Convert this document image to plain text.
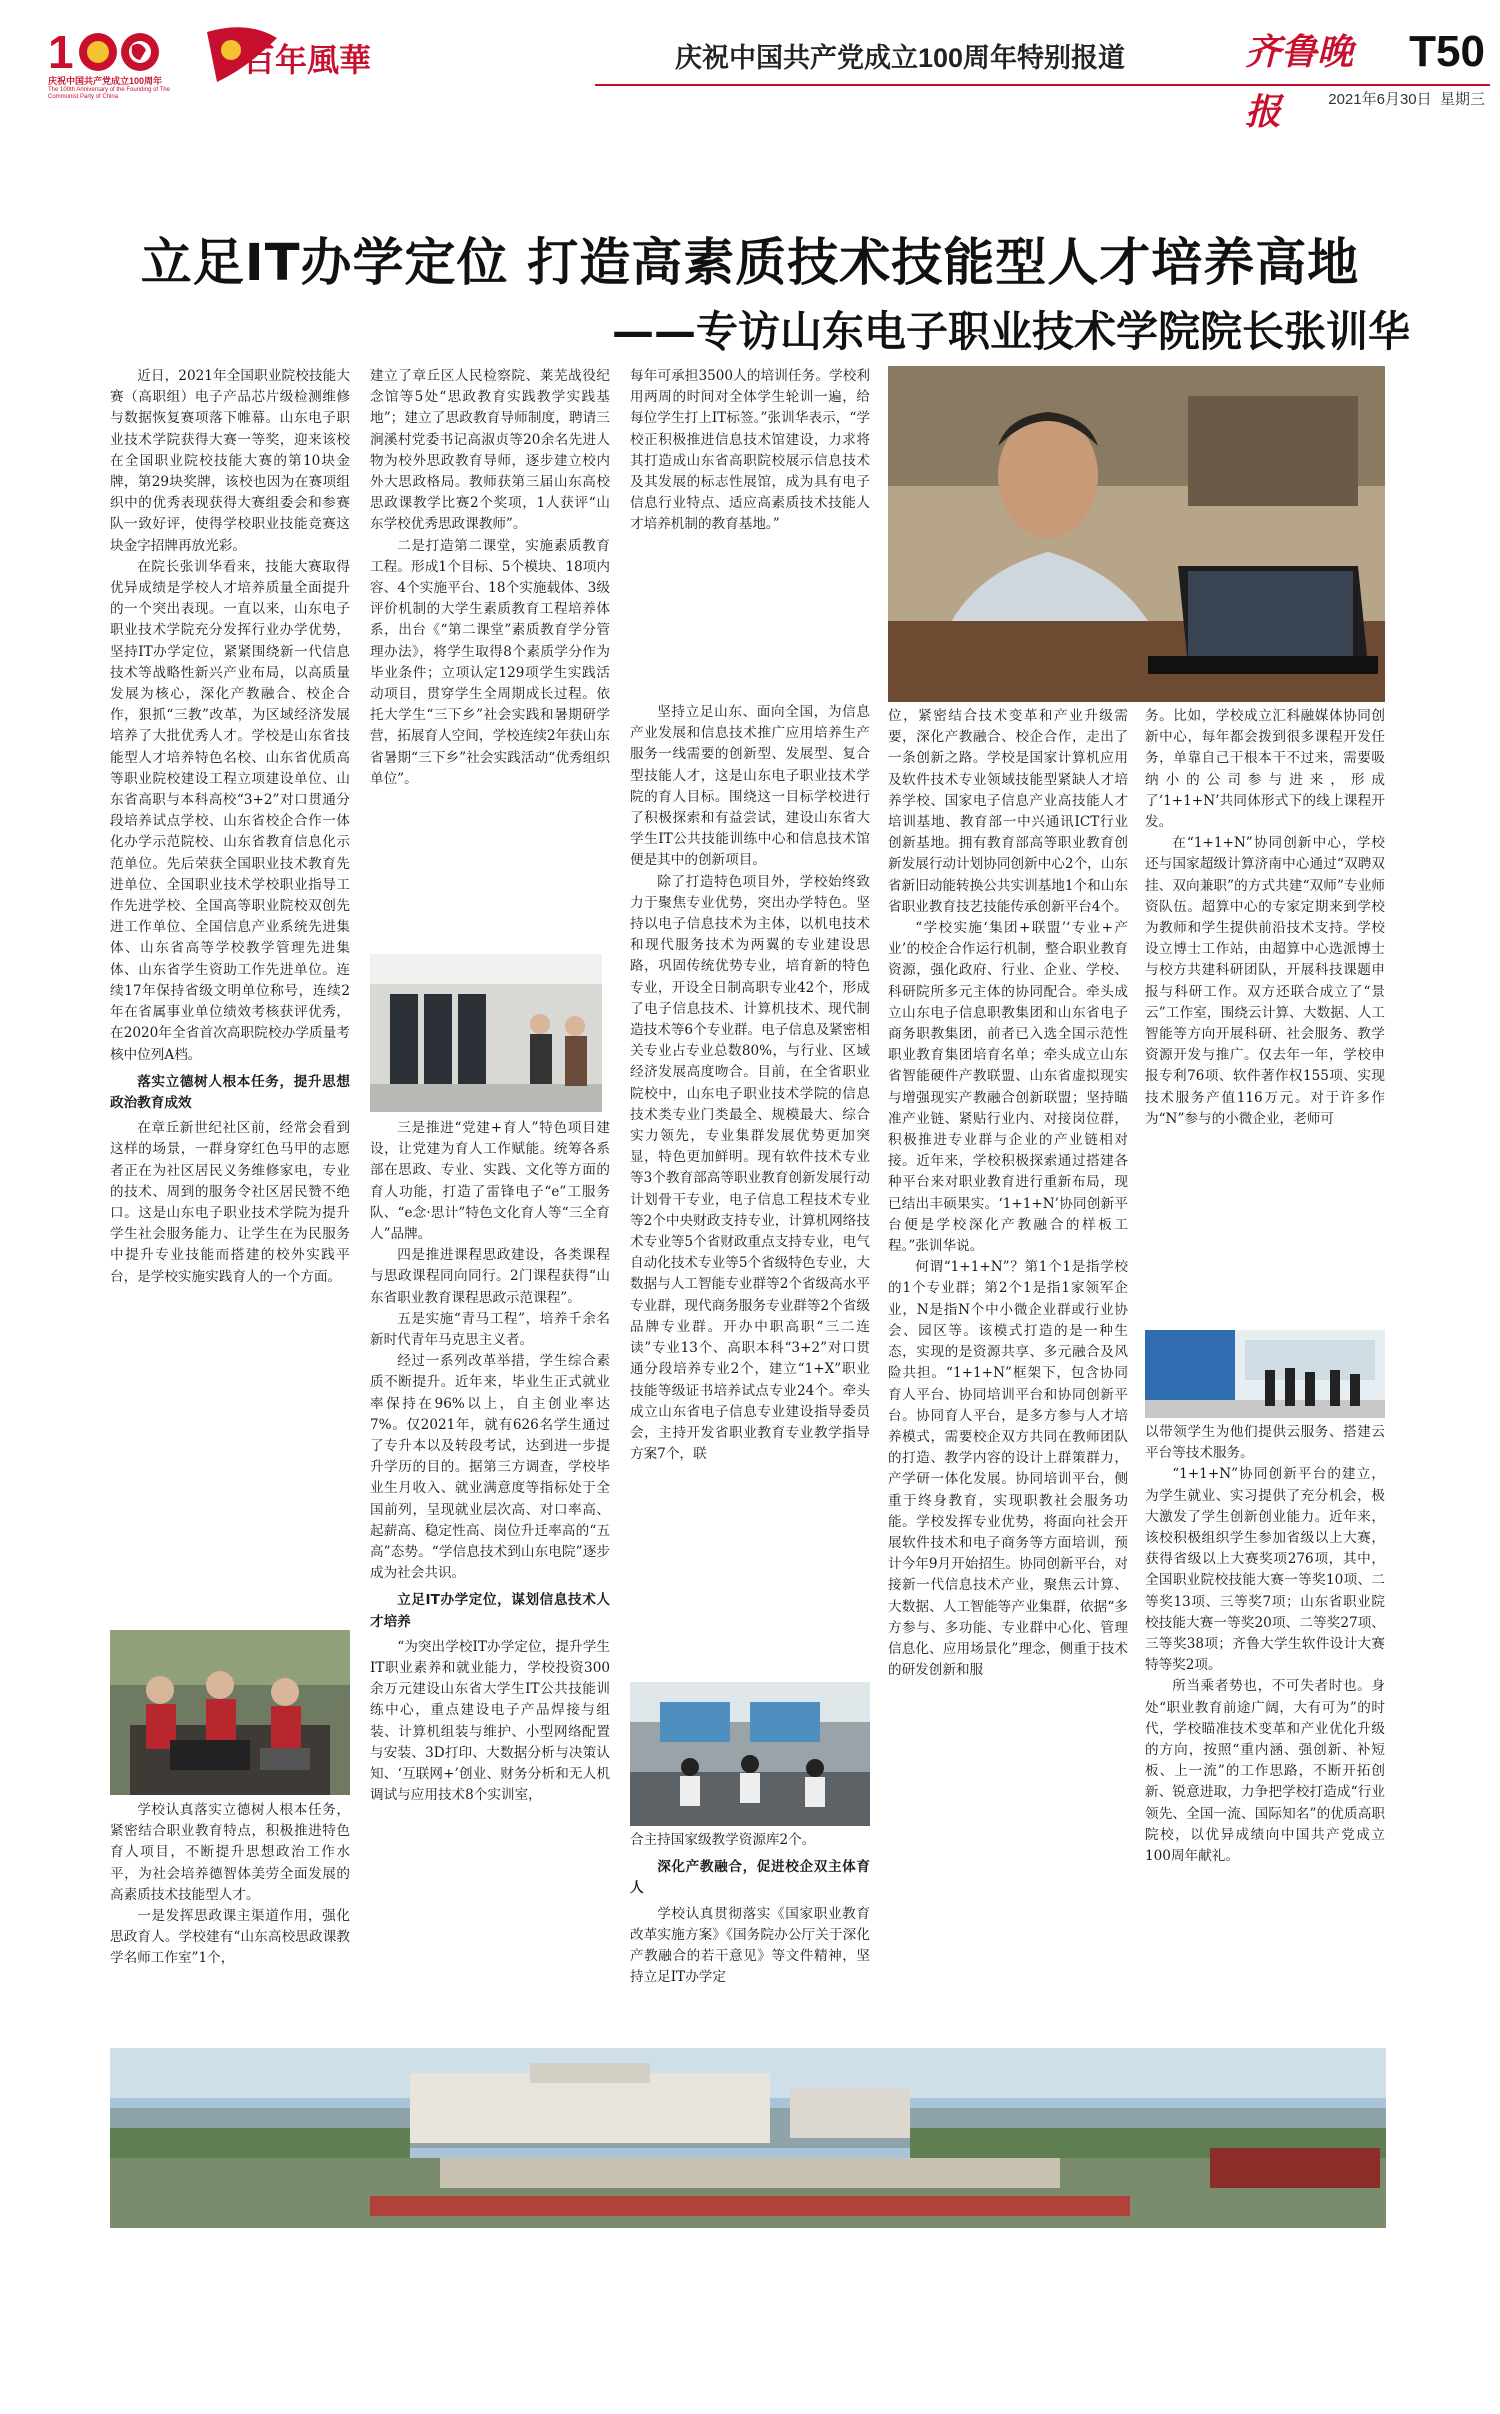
1
庆祝中国共产党成立100周年
The 100th Anniversary of the Founding of The Communist Party of China
百年風華	庆祝中国共产党成立100周年特别报道	齐鲁晚报
T50
2021年6月30日 星期三
立足IT办学定位 打造高素质技术技能型人才培养高地
——专访山东电子职业技术学院院长张训华

近日，2021年全国职业院校技能大赛（高职组）电子产品芯片级检测维修与数据恢复赛项落下帷幕。山东电子职业技术学院获得大赛一等奖，迎来该校在全国职业院校技能大赛的第10块金牌，第29块奖牌，该校也因为在赛项组织中的优秀表现获得大赛组委会和参赛队一致好评，使得学校职业技能竞赛这块金字招牌再放光彩。

在院长张训华看来，技能大赛取得优异成绩是学校人才培养质量全面提升的一个突出表现。一直以来，山东电子职业技术学院充分发挥行业办学优势，坚持IT办学定位，紧紧围绕新一代信息技术等战略性新兴产业布局，以高质量发展为核心，深化产教融合、校企合作，狠抓“三教”改革，为区域经济发展培养了大批优秀人才。学校是山东省技能型人才培养特色名校、山东省优质高等职业院校建设工程立项建设单位、山东省高职与本科高校“3+2”对口贯通分段培养试点学校、山东省校企合作一体化办学示范院校、山东省教育信息化示范单位。先后荣获全国职业技术教育先进单位、全国职业技术学校职业指导工作先进学校、全国高等职业院校双创先进工作单位、全国信息产业系统先进集体、山东省高等学校教学管理先进集体、山东省学生资助工作先进单位。连续17年保持省级文明单位称号，连续2年在省属事业单位绩效考核获评优秀，在2020年全省首次高职院校办学质量考核中位列A档。

落实立德树人根本任务，提升思想政治教育成效

在章丘新世纪社区前，经常会看到这样的场景，一群身穿红色马甲的志愿者正在为社区居民义务维修家电，专业的技术、周到的服务令社区居民赞不绝口。这是山东电子职业技术学院为提升学生社会服务能力、让学生在为民服务中提升专业技能而搭建的校外实践平台，是学校实施实践育人的一个方面。

学校认真落实立德树人根本任务，紧密结合职业教育特点，积极推进特色育人项目，不断提升思想政治工作水平，为社会培养德智体美劳全面发展的高素质技术技能型人才。

一是发挥思政课主渠道作用，强化思政育人。学校建有“山东高校思政课教学名师工作室”1个，

建立了章丘区人民检察院、莱芜战役纪念馆等5处“思政教育实践教学实践基地”；建立了思政教育导师制度，聘请三涧溪村党委书记高淑贞等20余名先进人物为校外思政教育导师，逐步建立校内外大思政格局。教师获第三届山东高校思政课教学比赛2个奖项，1人获评“山东学校优秀思政课教师”。

二是打造第二课堂，实施素质教育工程。形成1个目标、5个模块、18项内容、4个实施平台、18个实施载体、3级评价机制的大学生素质教育工程培养体系，出台《“第二课堂”素质教育学分管理办法》，将学生取得8个素质学分作为毕业条件；立项认定129项学生实践活动项目，贯穿学生全周期成长过程。依托大学生“三下乡”社会实践和暑期研学营，拓展育人空间，学校连续2年获山东省暑期“三下乡”社会实践活动“优秀组织单位”。

三是推进“党建+育人”特色项目建设，让党建为育人工作赋能。统筹各系部在思政、专业、实践、文化等方面的育人功能，打造了雷锋电子“e”工服务队、“e念·思计”特色文化育人等“三全育人”品牌。

四是推进课程思政建设，各类课程与思政课程同向同行。2门课程获得“山东省职业教育课程思政示范课程”。

五是实施“青马工程”，培养千余名新时代青年马克思主义者。

经过一系列改革举措，学生综合素质不断提升。近年来，毕业生正式就业率保持在96%以上，自主创业率达7%。仅2021年，就有626名学生通过了专升本以及转段考试，达到进一步提升学历的目的。据第三方调查，学校毕业生月收入、就业满意度等指标处于全国前列，呈现就业层次高、对口率高、起薪高、稳定性高、岗位升迁率高的“五高”态势。“学信息技术到山东电院”逐步成为社会共识。

立足IT办学定位，谋划信息技术人才培养

“为突出学校IT办学定位，提升学生IT职业素养和就业能力，学校投资300余万元建设山东省大学生IT公共技能训练中心，重点建设电子产品焊接与组装、计算机组装与维护、小型网络配置与安装、3D打印、大数据分析与决策认知、‘互联网+’创业、财务分析和无人机调试与应用技术8个实训室，

每年可承担3500人的培训任务。学校利用两周的时间对全体学生轮训一遍，给每位学生打上IT标签。”张训华表示，“学校正积极推进信息技术馆建设，力求将其打造成山东省高职院校展示信息技术及其发展的标志性展馆，成为具有电子信息行业特点、适应高素质技术技能人才培养机制的教育基地。”

坚持立足山东、面向全国，为信息产业发展和信息技术推广应用培养生产服务一线需要的创新型、发展型、复合型技能人才，这是山东电子职业技术学院的育人目标。围绕这一目标学校进行了积极探索和有益尝试，建设山东省大学生IT公共技能训练中心和信息技术馆便是其中的创新项目。

除了打造特色项目外，学校始终致力于聚焦专业优势，突出办学特色。坚持以电子信息技术为主体，以机电技术和现代服务技术为两翼的专业建设思路，巩固传统优势专业，培育新的特色专业，开设全日制高职专业42个，形成了电子信息技术、计算机技术、现代制造技术等6个专业群。电子信息及紧密相关专业占专业总数80%，与行业、区域经济发展高度吻合。目前，在全省职业院校中，山东电子职业技术学院的信息技术类专业门类最全、规模最大、综合实力领先，专业集群发展优势更加突显，特色更加鲜明。现有软件技术专业等3个教育部高等职业教育创新发展行动计划骨干专业，电子信息工程技术专业等2个中央财政支持专业，计算机网络技术专业等5个省财政重点支持专业，电气自动化技术专业等5个省级特色专业，大数据与人工智能专业群等2个省级高水平专业群，现代商务服务专业群等2个省级品牌专业群。开办中职高职“三二连读”专业13个、高职本科“3+2”对口贯通分段培养专业2个，建立“1+X”职业技能等级证书培养试点专业24个。牵头成立山东省电子信息专业建设指导委员会，主持开发省职业教育专业教学指导方案7个，联

合主持国家级教学资源库2个。

深化产教融合，促进校企双主体育人

学校认真贯彻落实《国家职业教育改革实施方案》《国务院办公厅关于深化产教融合的若干意见》等文件精神，坚持立足IT办学定

位，紧密结合技术变革和产业升级需要，深化产教融合、校企合作，走出了一条创新之路。学校是国家计算机应用及软件技术专业领域技能型紧缺人才培养学校、国家电子信息产业高技能人才培训基地、教育部一中兴通讯ICT行业创新基地。拥有教育部高等职业教育创新发展行动计划协同创新中心2个，山东省新旧动能转换公共实训基地1个和山东省职业教育技艺技能传承创新平台4个。

“学校实施‘集团+联盟’‘专业+产业’的校企合作运行机制，整合职业教育资源，强化政府、行业、企业、学校、科研院所多元主体的协同配合。牵头成立山东电子信息职教集团和山东省电子商务职教集团，前者已入选全国示范性职业教育集团培育名单；牵头成立山东省智能硬件产教联盟、山东省虚拟现实与增强现实产教融合创新联盟；坚持瞄准产业链、紧贴行业内、对接岗位群，积极推进专业群与企业的产业链相对接。近年来，学校积极探索通过搭建各种平台来对职业教育进行重新布局，现已结出丰硕果实。‘1+1+N’协同创新平台便是学校深化产教融合的样板工程。”张训华说。

何谓“1+1+N”？第1个1是指学校的1个专业群；第2个1是指1家领军企业，N是指N个中小微企业群或行业协会、园区等。该模式打造的是一种生态，实现的是资源共享、多元融合及风险共担。“1+1+N”框架下，包含协同育人平台、协同培训平台和协同创新平台。协同育人平台，是多方参与人才培养模式，需要校企双方共同在教师团队的打造、教学内容的设计上群策群力，产学研一体化发展。协同培训平台，侧重于终身教育，实现职教社会服务功能。学校发挥专业优势，将面向社会开展软件技术和电子商务等方面培训，预计今年9月开始招生。协同创新平台，对接新一代信息技术产业，聚焦云计算、大数据、人工智能等产业集群，依据“多方参与、多功能、专业群中心化、管理信息化、应用场景化”理念，侧重于技术的研发创新和服

务。比如，学校成立汇科融媒体协同创新中心，每年都会拨到很多课程开发任务，单靠自己干根本干不过来，需要吸纳小的公司参与进来，形成了‘1+1+N’共同体形式下的线上课程开发。

在“1+1+N”协同创新中心，学校还与国家超级计算济南中心通过“双聘双挂、双向兼职”的方式共建“双师”专业师资队伍。超算中心的专家定期来到学校为教师和学生提供前沿技术支持。学校设立博士工作站，由超算中心选派博士与校方共建科研团队，开展科技课题申报与科研工作。双方还联合成立了“景云”工作室，围绕云计算、大数据、人工智能等方向开展科研、社会服务、教学资源开发与推广。仅去年一年，学校申报专利76项、软件著作权155项、实现技术服务产值116万元。对于许多作为“N”参与的小微企业，老师可

以带领学生为他们提供云服务、搭建云平台等技术服务。

“1+1+N”协同创新平台的建立，为学生就业、实习提供了充分机会，极大激发了学生创新创业能力。近年来，该校积极组织学生参加省级以上大赛，获得省级以上大赛奖项276项，其中，全国职业院校技能大赛一等奖10项、二等奖13项、三等奖7项；山东省职业院校技能大赛一等奖20项、二等奖27项、三等奖38项；齐鲁大学生软件设计大赛特等奖2项。

所当乘者势也，不可失者时也。身处“职业教育前途广阔，大有可为”的时代，学校瞄准技术变革和产业优化升级的方向，按照“重内涵、强创新、补短板、上一流”的工作思路，不断开拓创新、锐意进取，力争把学校打造成“行业领先、全国一流、国际知名”的优质高职院校，以优异成绩向中国共产党成立100周年献礼。
